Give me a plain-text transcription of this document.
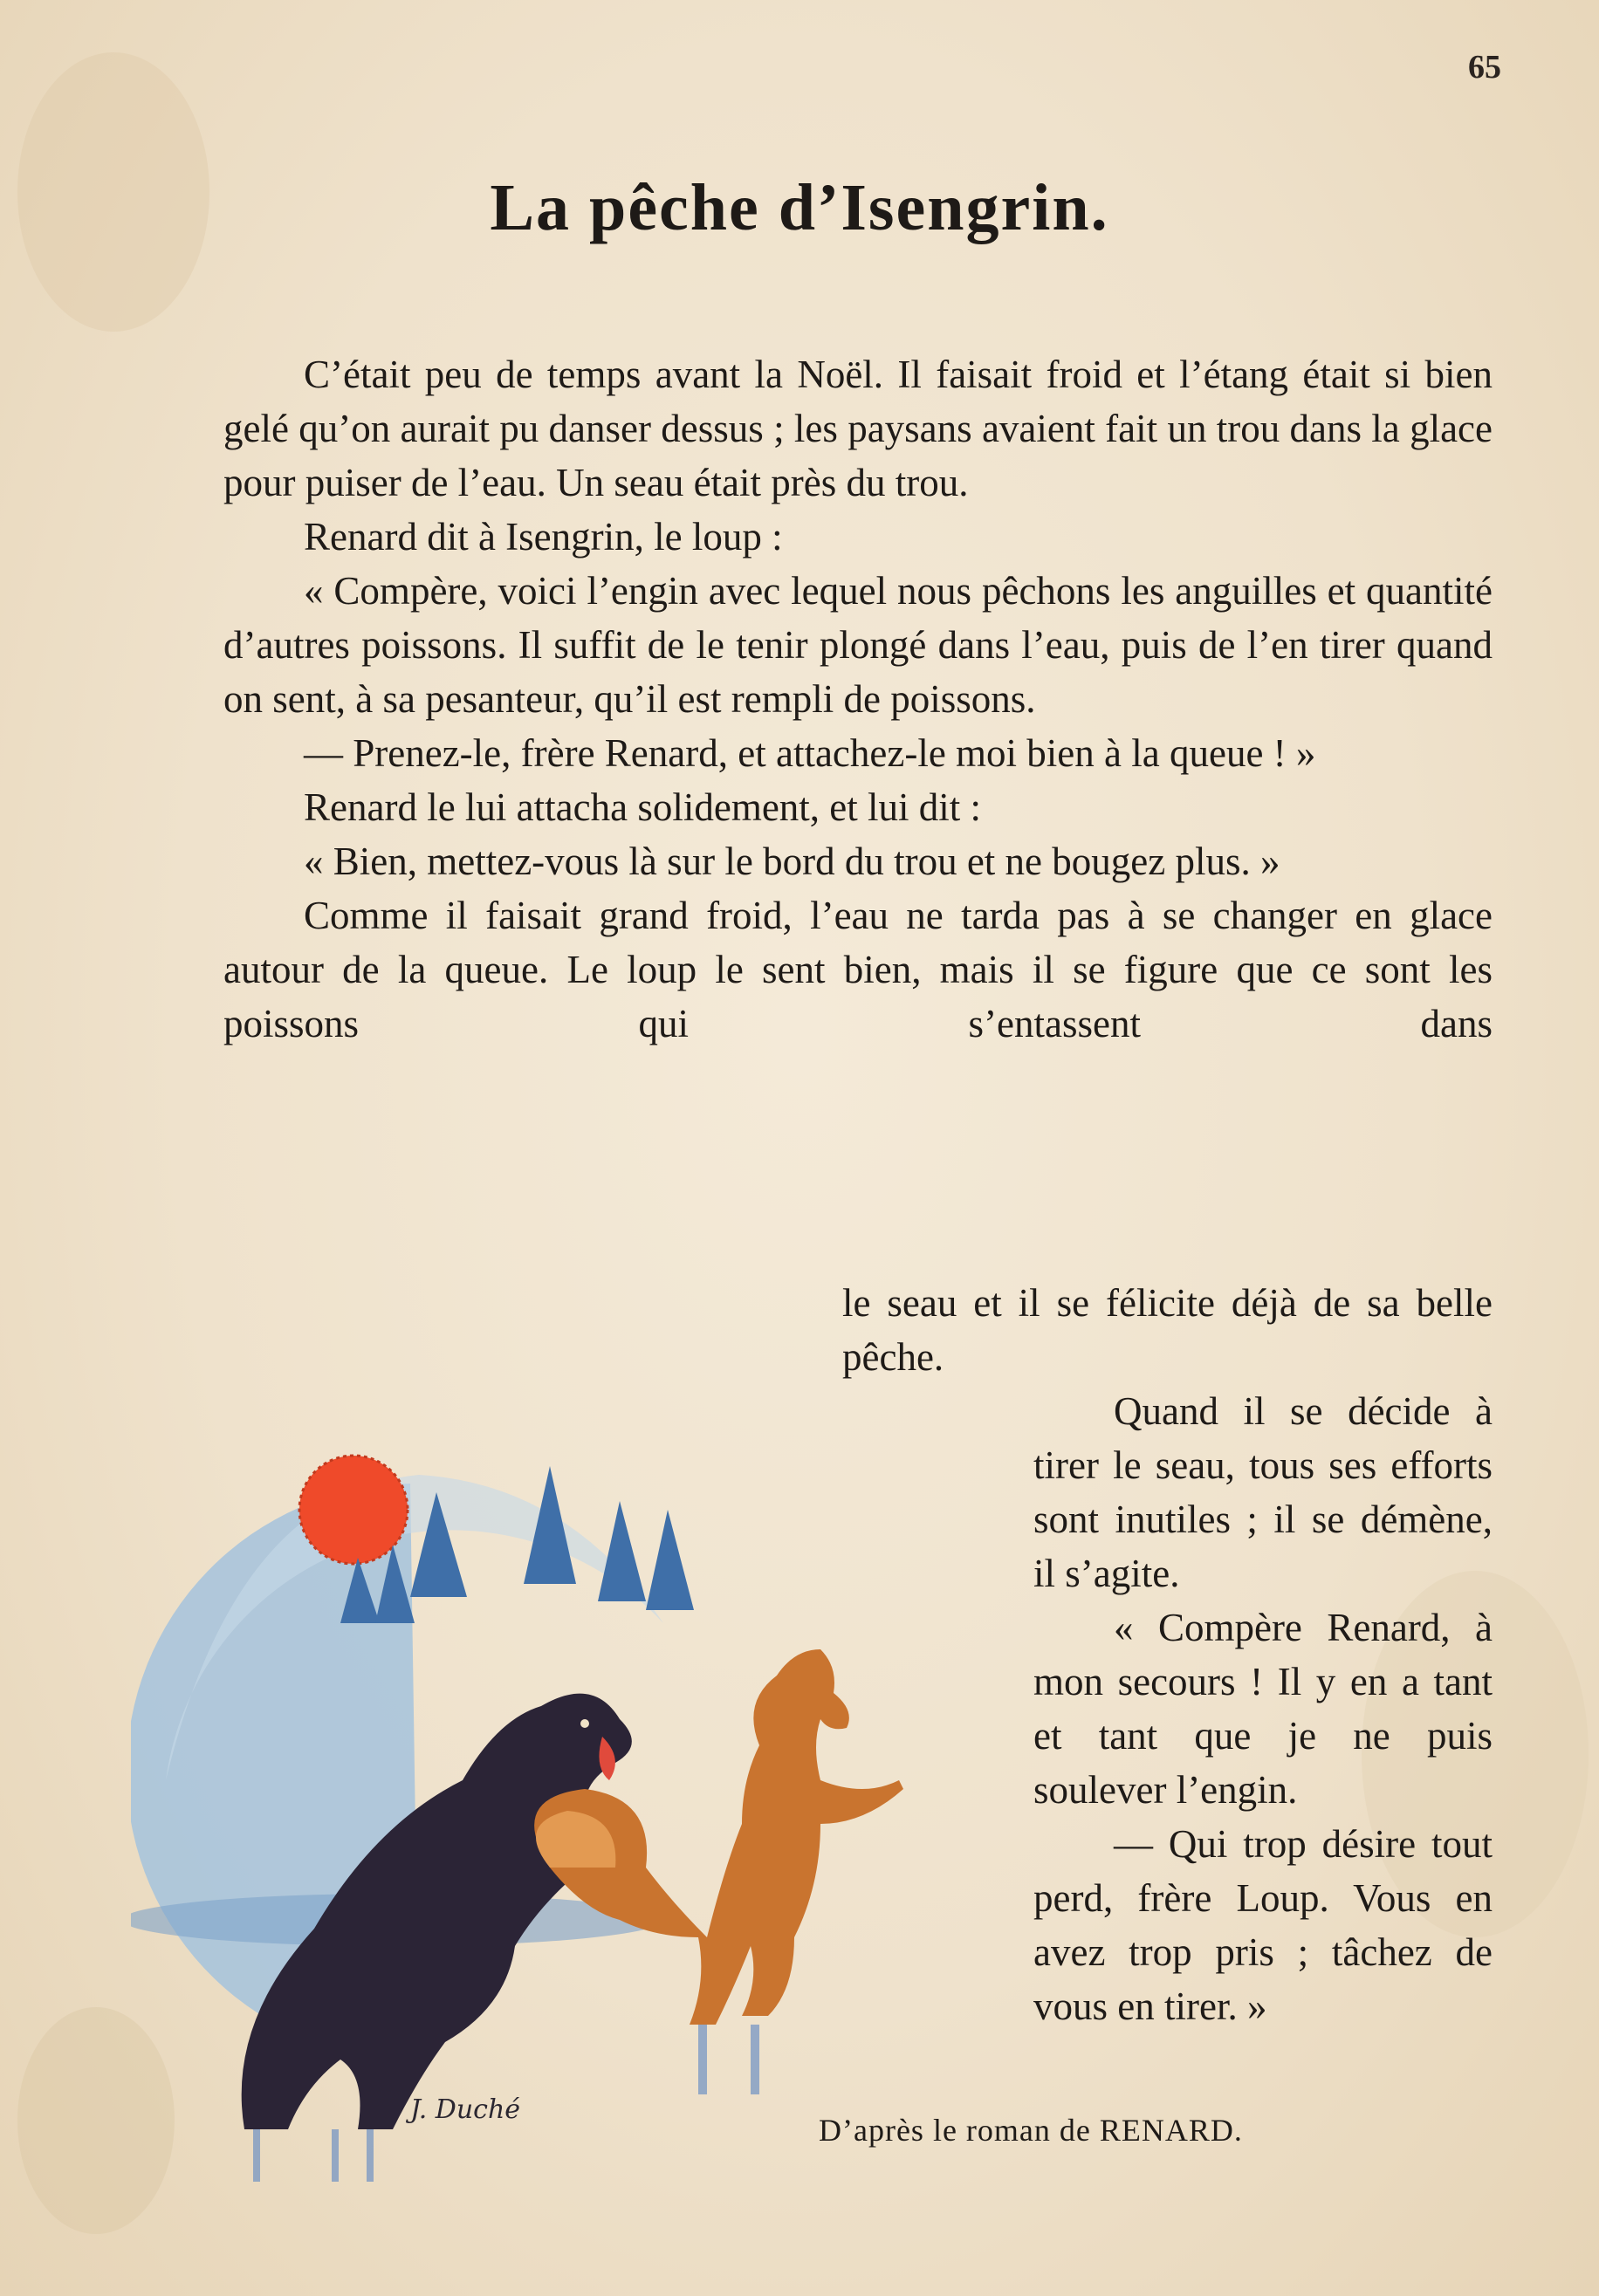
65
La pêche d’Isengrin.

C’était peu de temps avant la Noël. Il faisait froid et l’étang était si bien gelé qu’on aurait pu danser dessus ; les paysans avaient fait un trou dans la glace pour puiser de l’eau. Un seau était près du trou.

Renard dit à Isengrin, le loup :

« Compère, voici l’engin avec lequel nous pêchons les anguilles et quantité d’autres poissons. Il suffit de le tenir plongé dans l’eau, puis de l’en tirer quand on sent, à sa pesanteur, qu’il est rempli de poissons.

— Prenez-le, frère Renard, et attachez-le moi bien à la queue ! »

Renard le lui attacha solidement, et lui dit :

« Bien, mettez-vous là sur le bord du trou et ne bougez plus. »

Comme il faisait grand froid, l’eau ne tarda pas à se changer en glace autour de la queue. Le loup le sent bien, mais il se figure que ce sont les poissons qui s’entassent dans

le seau et il se félicite déjà de sa belle pêche.

Quand il se décide à tirer le seau, tous ses efforts sont inutiles ; il se démène, il s’agite.

« Compère Renard, à mon secours ! Il y en a tant et tant que je ne puis soulever l’engin.

— Qui trop désire tout perd, frère Loup. Vous en avez trop pris ; tâchez de vous en tirer. »

J. Duché
D’après le roman de RENARD.
